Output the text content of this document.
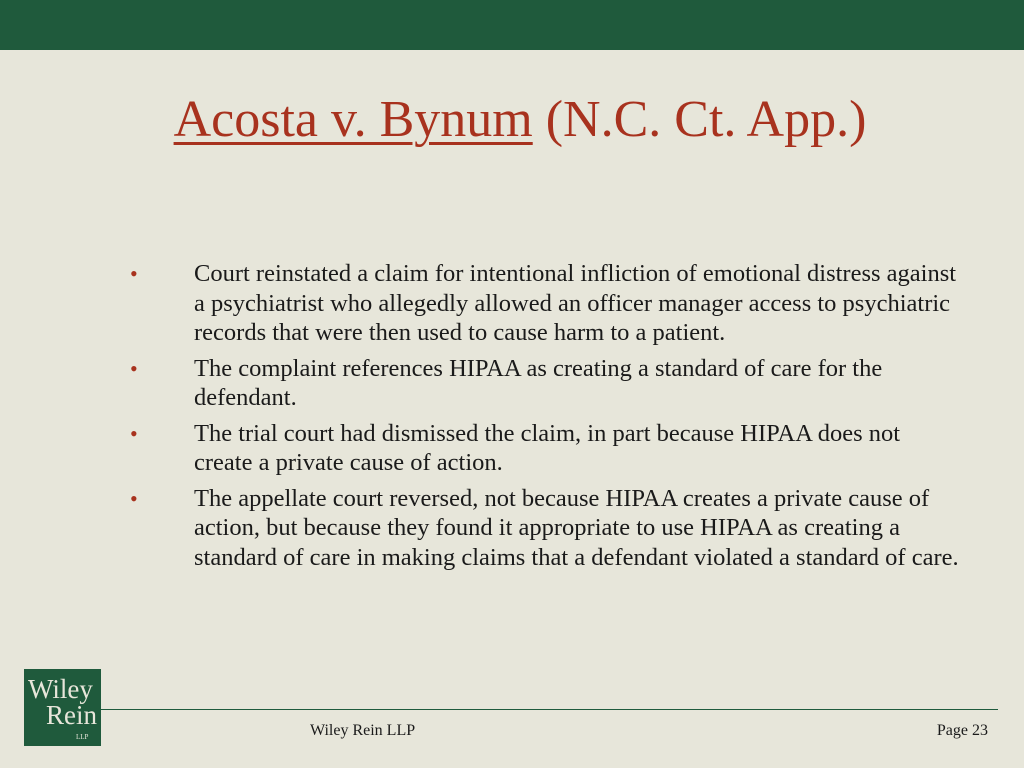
Acosta v. Bynum (N.C. Ct. App.)
• Court reinstated a claim for intentional infliction of emotional distress against a psychiatrist who allegedly allowed an officer manager access to psychiatric records that were then used to cause harm to a patient.
• The complaint references HIPAA as creating a standard of care for the defendant.
• The trial court had dismissed the claim, in part because HIPAA does not create a private cause of action.
• The appellate court reversed, not because HIPAA creates a private cause of action, but because they found it appropriate to use HIPAA as creating a standard of care in making claims that a defendant violated a standard of care.
Wiley
Rein
LLP	Wiley Rein LLP	Page 23
